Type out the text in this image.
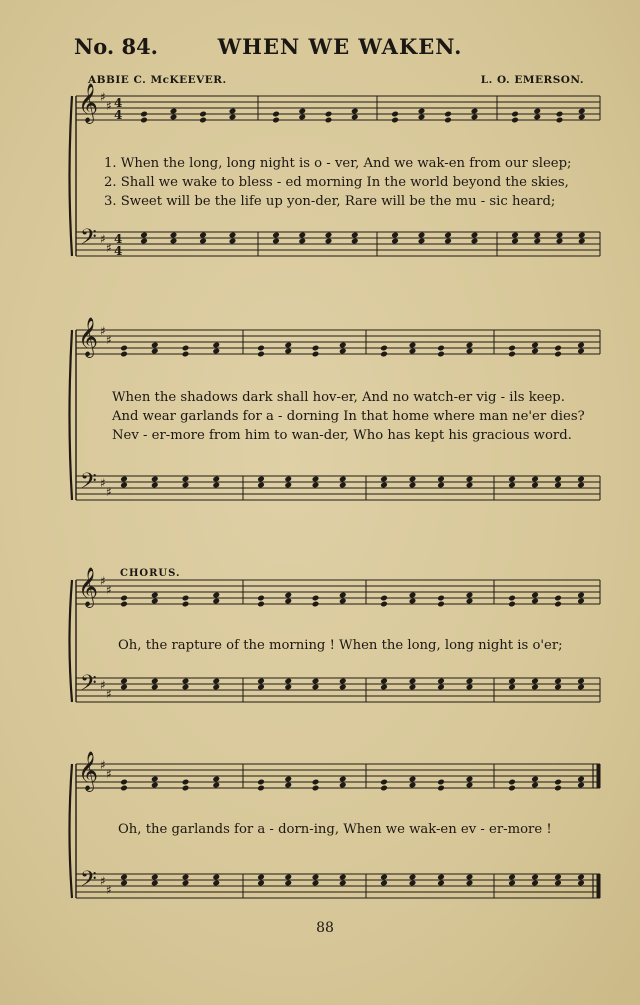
No. 84.	WHEN WE WAKEN.
ABBIE C. McKEEVER.	L. O. EMERSON.
𝄞
𝄢
♯
♯
♯
♯
4
4
4
4
𝄞
𝄢
♯
♯
♯
♯
𝄞
𝄢
♯
♯
♯
♯
𝄞
𝄢
♯
♯
♯
♯
1. When the long, long night is o - ver, And we wak-en from our sleep;
2. Shall we wake to bless - ed morning In the world beyond the skies,
3. Sweet will be the life up yon-der, Rare will be the mu - sic heard;
When the shadows dark shall hov-er, And no watch-er vig - ils keep.
And wear garlands for a - dorning In that home where man ne'er dies?
Nev - er-more from him to wan-der, Who has kept his gracious word.
CHORUS.
Oh, the rapture of the morning ! When the long, long night is o'er;
Oh, the garlands for a - dorn-ing, When we wak-en ev - er-more !
88
